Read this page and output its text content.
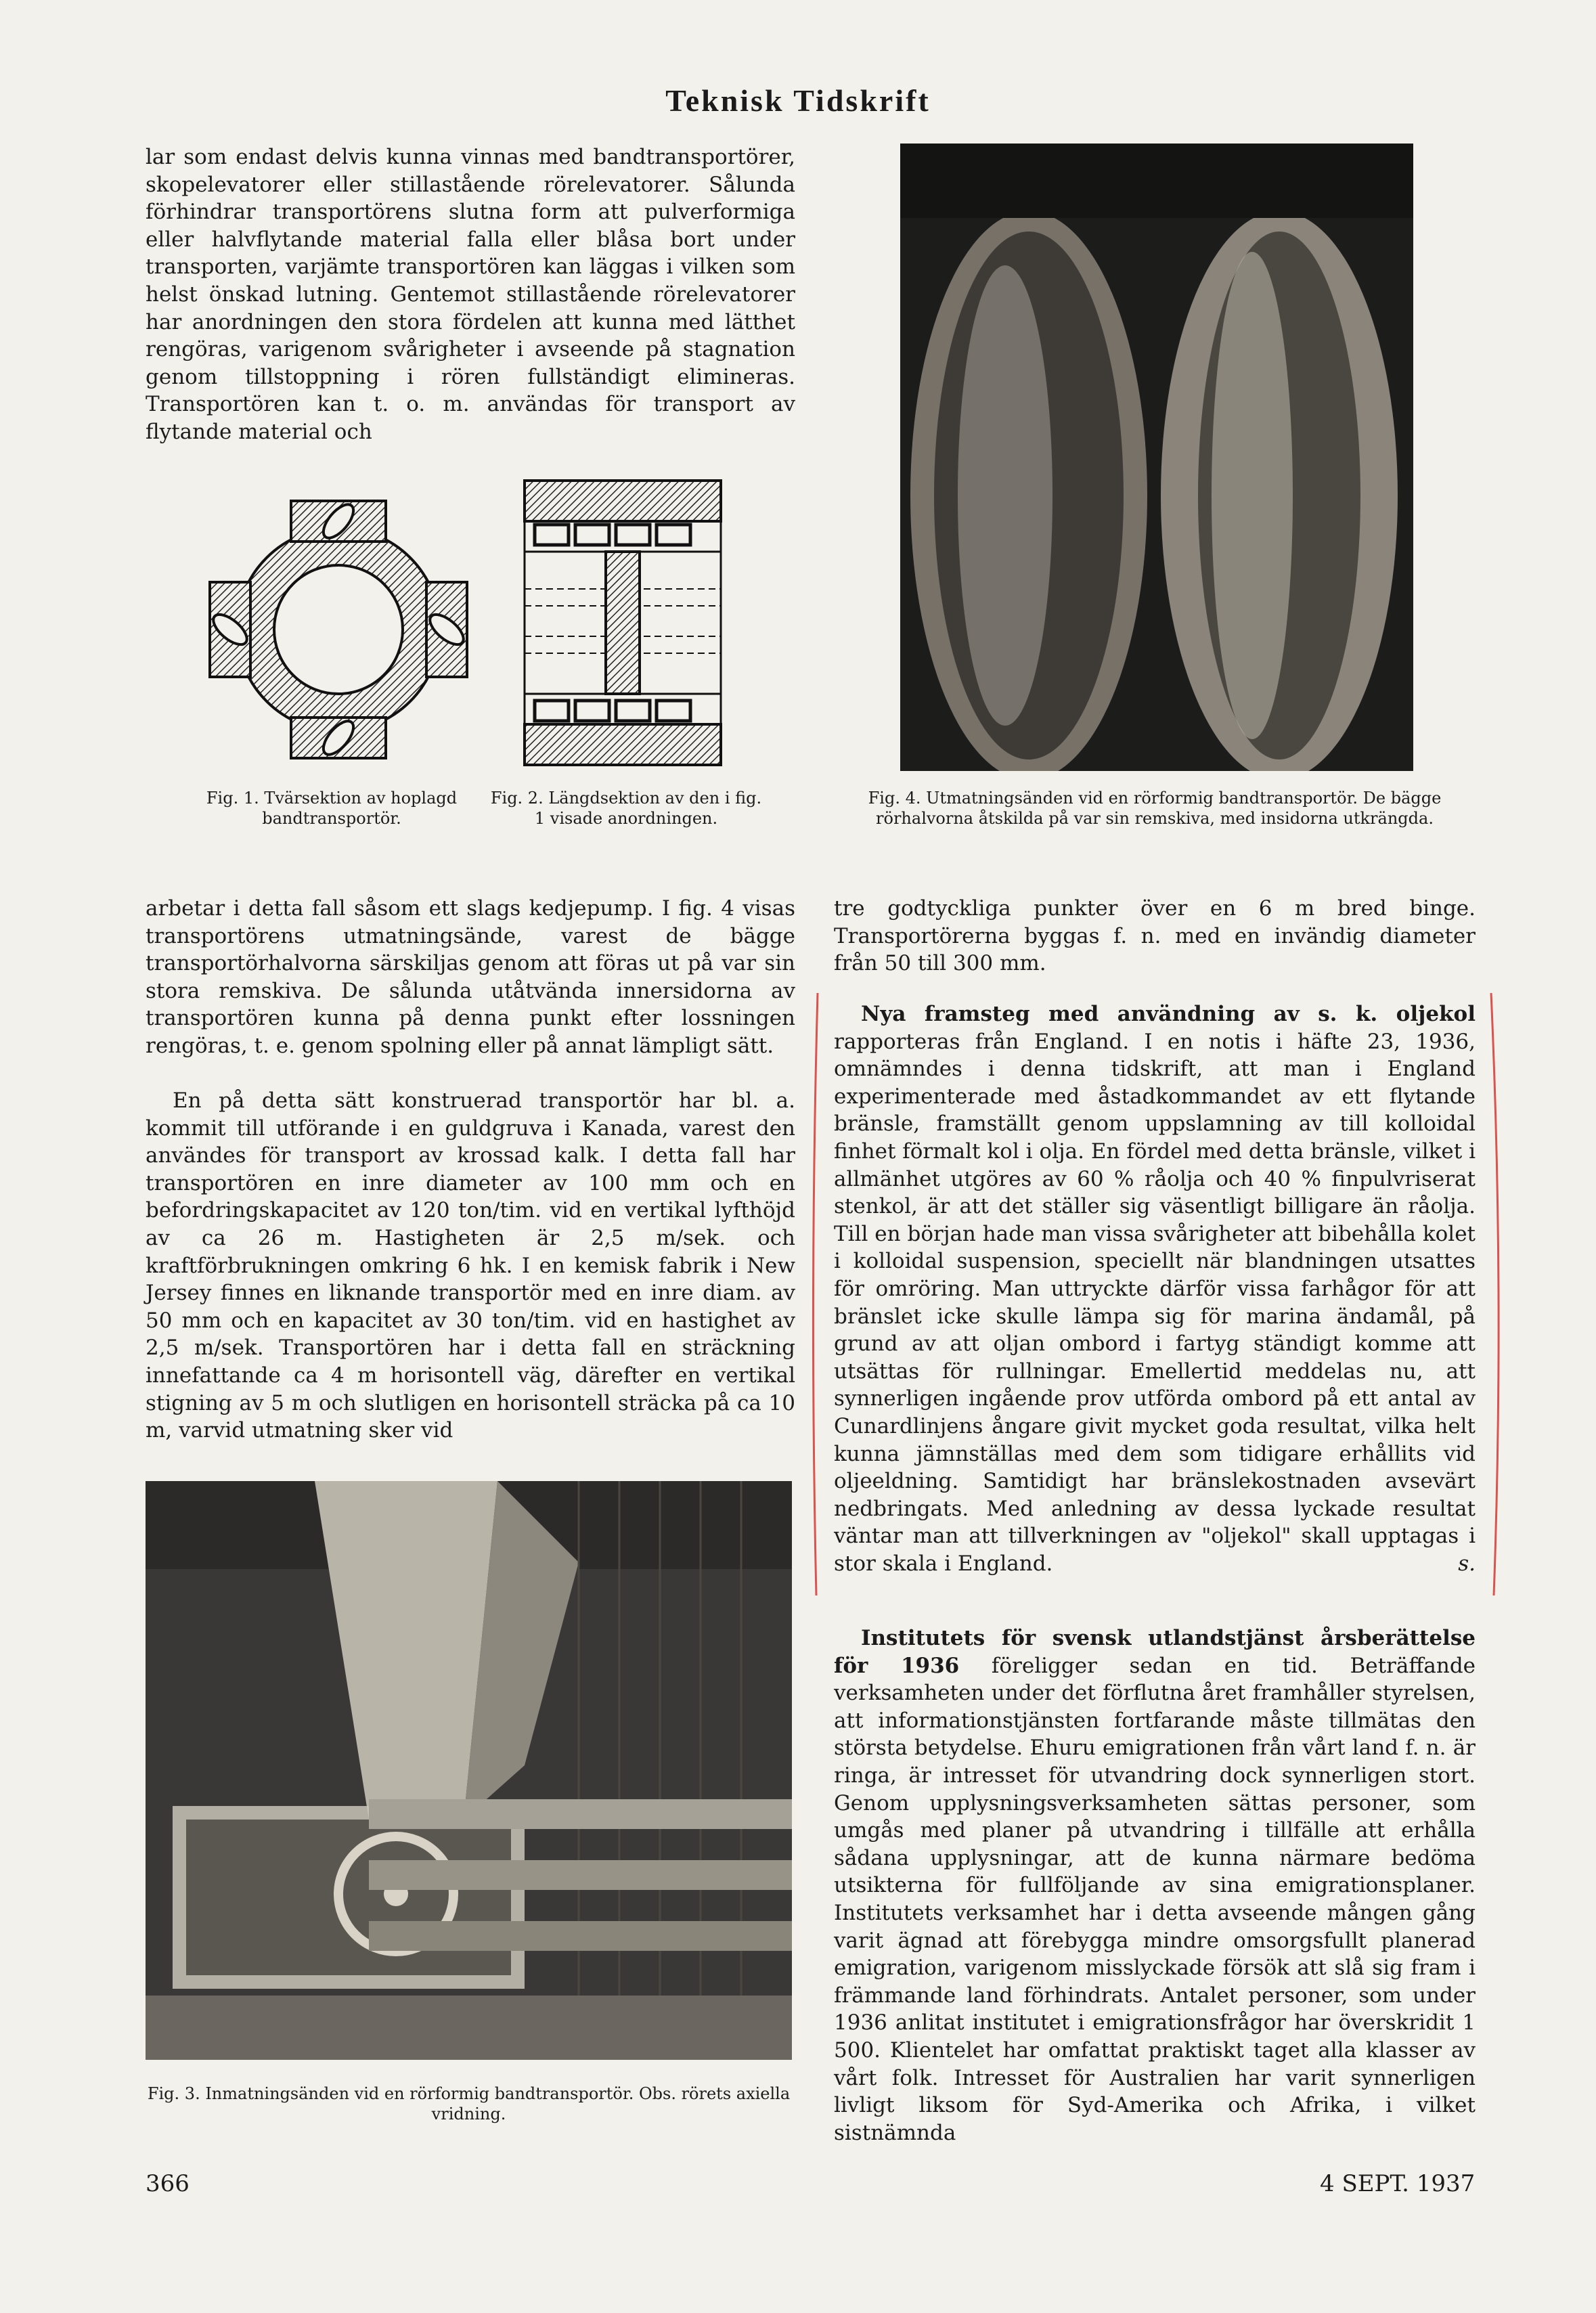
Teknisk Tidskrift

lar som endast delvis kunna vinnas med bandtransportörer, skopelevatorer eller stillastående rörelevatorer. Sålunda förhindrar transportörens slutna form att pulverformiga eller halvflytande material falla eller blåsa bort under transporten, varjämte transportören kan läggas i vilken som helst önskad lutning. Gentemot stillastående rörelevatorer har anordningen den stora fördelen att kunna med lätthet rengöras, varigenom svårigheter i avseende på stagnation genom tillstoppning i rören fullständigt elimineras. Transportören kan t. o. m. användas för transport av flytande material och

Fig. 1. Tvärsektion av hoplagd bandtransportör.
Fig. 2. Längdsektion av den i fig. 1 visade anordningen.

arbetar i detta fall såsom ett slags kedjepump. I fig. 4 visas transportörens utmatningsände, varest de bägge transportörhalvorna särskiljas genom att föras ut på var sin stora remskiva. De sålunda utåtvända innersidorna av transportören kunna på denna punkt efter lossningen rengöras, t. e. genom spolning eller på annat lämpligt sätt.

En på detta sätt konstruerad transportör har bl. a. kommit till utförande i en guldgruva i Kanada, varest den användes för transport av krossad kalk. I detta fall har transportören en inre diameter av 100 mm och en befordringskapacitet av 120 ton/tim. vid en vertikal lyfthöjd av ca 26 m. Hastigheten är 2,5 m/sek. och kraftförbrukningen omkring 6 hk. I en kemisk fabrik i New Jersey finnes en liknande transportör med en inre diam. av 50 mm och en kapacitet av 30 ton/tim. vid en hastighet av 2,5 m/sek. Transportören har i detta fall en sträckning innefattande ca 4 m horisontell väg, därefter en vertikal stigning av 5 m och slutligen en horisontell sträcka på ca 10 m, varvid utmatning sker vid

Fig. 3. Inmatningsänden vid en rörformig bandtransportör. Obs. rörets axiella vridning.
Fig. 4. Utmatningsänden vid en rörformig bandtransportör. De bägge rörhalvorna åtskilda på var sin remskiva, med insidorna utkrängda.

tre godtyckliga punkter över en 6 m bred binge. Transportörerna byggas f. n. med en invändig diameter från 50 till 300 mm.

Nya framsteg med användning av s. k. oljekol rapporteras från England. I en notis i häfte 23, 1936, omnämndes i denna tidskrift, att man i England experimenterade med åstadkommandet av ett flytande bränsle, framställt genom uppslamning av till kolloidal finhet förmalt kol i olja. En fördel med detta bränsle, vilket i allmänhet utgöres av 60 % råolja och 40 % finpulvriserat stenkol, är att det ställer sig väsentligt billigare än råolja. Till en början hade man vissa svårigheter att bibehålla kolet i kolloidal suspension, speciellt när blandningen utsattes för omröring. Man uttryckte därför vissa farhågor för att bränslet icke skulle lämpa sig för marina ändamål, på grund av att oljan ombord i fartyg ständigt komme att utsättas för rullningar. Emellertid meddelas nu, att synnerligen ingående prov utförda ombord på ett antal av Cunardlinjens ångare givit mycket goda resultat, vilka helt kunna jämnställas med dem som tidigare erhållits vid oljeeldning. Samtidigt har bränslekostnaden avsevärt nedbringats. Med anledning av dessa lyckade resultat väntar man att tillverkningen av "oljekol" skall upptagas i stor skala i England.	s.

Institutets för svensk utlandstjänst årsberättelse för 1936 föreligger sedan en tid. Beträffande verksamheten under det förflutna året framhåller styrelsen, att informationstjänsten fortfarande måste tillmätas den största betydelse. Ehuru emigrationen från vårt land f. n. är ringa, är intresset för utvandring dock synnerligen stort. Genom upplysningsverksamheten sättas personer, som umgås med planer på utvandring i tillfälle att erhålla sådana upplysningar, att de kunna närmare bedöma utsikterna för fullföljande av sina emigrationsplaner. Institutets verksamhet har i detta avseende mången gång varit ägnad att förebygga mindre omsorgsfullt planerad emigration, varigenom misslyckade försök att slå sig fram i främmande land förhindrats. Antalet personer, som under 1936 anlitat institutet i emigrationsfrågor har överskridit 1 500. Klientelet har omfattat praktiskt taget alla klasser av vårt folk. Intresset för Australien har varit synnerligen livligt liksom för Syd-Amerika och Afrika, i vilket sistnämnda

366	4 SEPT. 1937
